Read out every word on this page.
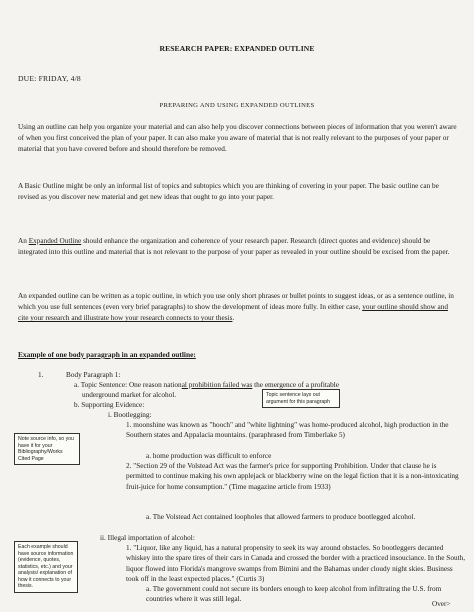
RESEARCH PAPER: EXPANDED OUTLINE
DUE: FRIDAY, 4/8
PREPARING AND USING EXPANDED OUTLINES
Using an outline can help you organize your material and can also help you discover connections between pieces of information that you weren't aware of when you first conceived the plan of your paper. It can also make you aware of material that is not really relevant to the purposes of your paper or material that you have covered before and should therefore be removed.
A Basic Outline might be only an informal list of topics and subtopics which you are thinking of covering in your paper. The basic outline can be revised as you discover new material and get new ideas that ought to go into your paper.
An Expanded Outline should enhance the organization and coherence of your research paper. Research (direct quotes and evidence) should be integrated into this outline and material that is not relevant to the purpose of your paper as revealed in your outline should be excised from the paper.
An expanded outline can be written as a topic outline, in which you use only short phrases or bullet points to suggest ideas, or as a sentence outline, in which you use full sentences (even very brief paragraphs) to show the development of ideas more fully. In either case, your outline should show and cite your research and illustrate how your research connects to your thesis.
Example of one body paragraph in an expanded outline:
1.	Body Paragraph 1:
a. Topic Sentence: One reason national prohibition failed was the emergence of a profitable
underground market for alcohol.
b. Supporting Evidence:
i. Bootlegging:
1. moonshine was known as "hooch" and "white lightning" was home-produced alcohol, high production in the Southern states and Appalacia mountains. (paraphrased from Timberlake 5)
a. home production was difficult to enforce
2. "Section 29 of the Volstead Act was the farmer's price for supporting Prohibition. Under that clause he is permitted to continue making his own applejack or blackberry wine on the legal fiction that it is a non-intoxicating fruit-juice for home consumption." (Time magazine article from 1933)
a. The Volstead Act contained loopholes that allowed farmers to produce bootlegged alcohol.
ii. Illegal importation of alcohol:
1. "Liquor, like any liquid, has a natural propensity to seek its way around obstacles. So bootleggers decanted whiskey into the spare tires of their cars in Canada and crossed the border with a practiced insouciance. In the South, liquor flowed into Florida's mangrove swamps from Bimini and the Bahamas under cloudy night skies. Business took off in the least expected places." (Curtis 3)
a. The government could not secure its borders enough to keep alcohol from infiltrating the U.S. from countries where it was still legal.
Topic sentence lays out argument for this paragraph
Note source info, so you have it for your Bibliography/Works Cited Page
Each example should have source information (evidence, quotes, statistics, etc.) and your analysis/ explanation of how it connects to your thesis.
Over>
